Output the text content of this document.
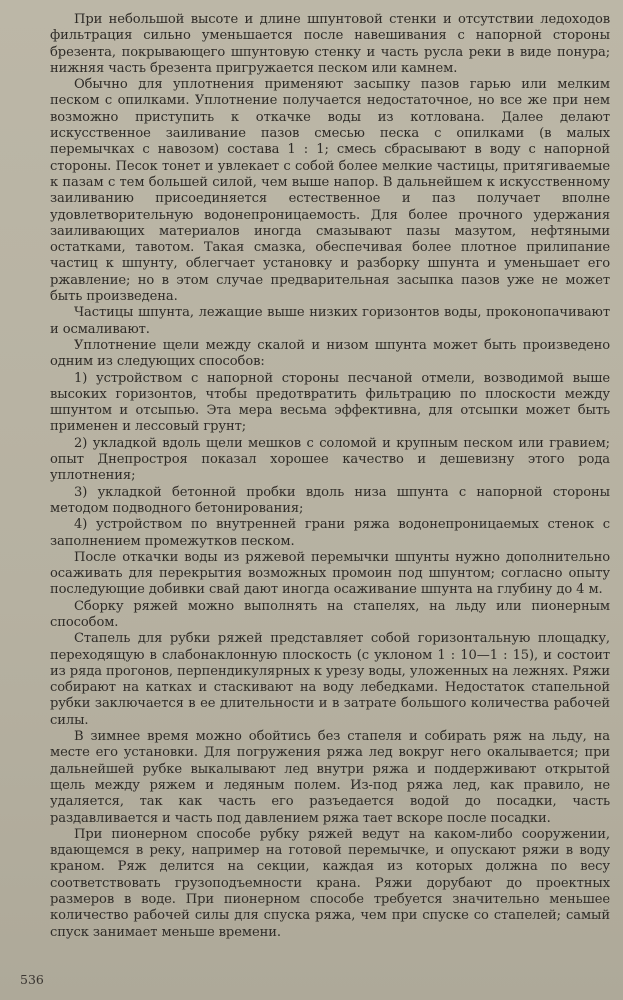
При небольшой высоте и длине шпунтовой стенки и отсутствии ледоходов фильтрация сильно уменьшается после навешивания с напорной стороны брезента, покрывающего шпунтовую стенку и часть русла реки в виде понура; нижняя часть брезента пригружается песком или камнем.

Обычно для уплотнения применяют засыпку пазов гарью или мелким песком с опилками. Уплотнение получается недостаточное, но все же при нем возможно приступить к откачке воды из котлована. Далее делают искусственное заиливание пазов смесью песка с опилками (в малых перемычках с навозом) состава 1 : 1; смесь сбрасывают в воду с напорной стороны. Песок тонет и увлекает с собой более мелкие частицы, притягиваемые к пазам с тем большей силой, чем выше напор. В дальнейшем к искусственному заиливанию присоединяется естественное и паз получает вполне удовлетворительную водонепроницаемость. Для более прочного удержания заиливающих материалов иногда смазывают пазы мазутом, нефтяными остатками, тавотом. Такая смазка, обеспечивая более плотное прилипание частиц к шпунту, облегчает установку и разборку шпунта и уменьшает его ржавление; но в этом случае предварительная засыпка пазов уже не может быть произведена.

Частицы шпунта, лежащие выше низких горизонтов воды, проконопачивают и осмаливают.

Уплотнение щели между скалой и низом шпунта может быть произведено одним из следующих способов:

1) устройством с напорной стороны песчаной отмели, возводимой выше высоких горизонтов, чтобы предотвратить фильтрацию по плоскости между шпунтом и отсыпью. Эта мера весьма эффективна, для отсыпки может быть применен и лессовый грунт;

2) укладкой вдоль щели мешков с соломой и крупным песком или гравием; опыт Днепростроя показал хорошее качество и дешевизну этого рода уплотнения;

3) укладкой бетонной пробки вдоль низа шпунта с напорной стороны методом подводного бетонирования;

4) устройством по внутренней грани ряжа водонепроницаемых стенок с заполнением промежутков песком.

После откачки воды из ряжевой перемычки шпунты нужно дополнительно осаживать для перекрытия возможных промоин под шпунтом; согласно опыту последующие добивки свай дают иногда осаживание шпунта на глубину до 4 м.

Сборку ряжей можно выполнять на стапелях, на льду или пионерным способом.

Стапель для рубки ряжей представляет собой горизонтальную площадку, переходящую в слабонаклонную плоскость (с уклоном 1 : 10—1 : 15), и состоит из ряда прогонов, перпендикулярных к урезу воды, уложенных на лежнях. Ряжи собирают на катках и стаскивают на воду лебедками. Недостаток стапельной рубки заключается в ее длительности и в затрате большого количества рабочей силы.

В зимнее время можно обойтись без стапеля и собирать ряж на льду, на месте его установки. Для погружения ряжа лед вокруг него окалывается; при дальнейшей рубке выкалывают лед внутри ряжа и поддерживают открытой щель между ряжем и ледяным полем. Из-под ряжа лед, как правило, не удаляется, так как часть его разъедается водой до посадки, часть раздавливается и часть под давлением ряжа тает вскоре после посадки.

При пионерном способе рубку ряжей ведут на каком-либо сооружении, вдающемся в реку, например на готовой перемычке, и опускают ряжи в воду краном. Ряж делится на секции, каждая из которых должна по весу соответствовать грузоподъемности крана. Ряжи дорубают до проектных размеров в воде. При пионерном способе требуется значительно меньшее количество рабочей силы для спуска ряжа, чем при спуске со стапелей; самый спуск занимает меньше времени.

536
